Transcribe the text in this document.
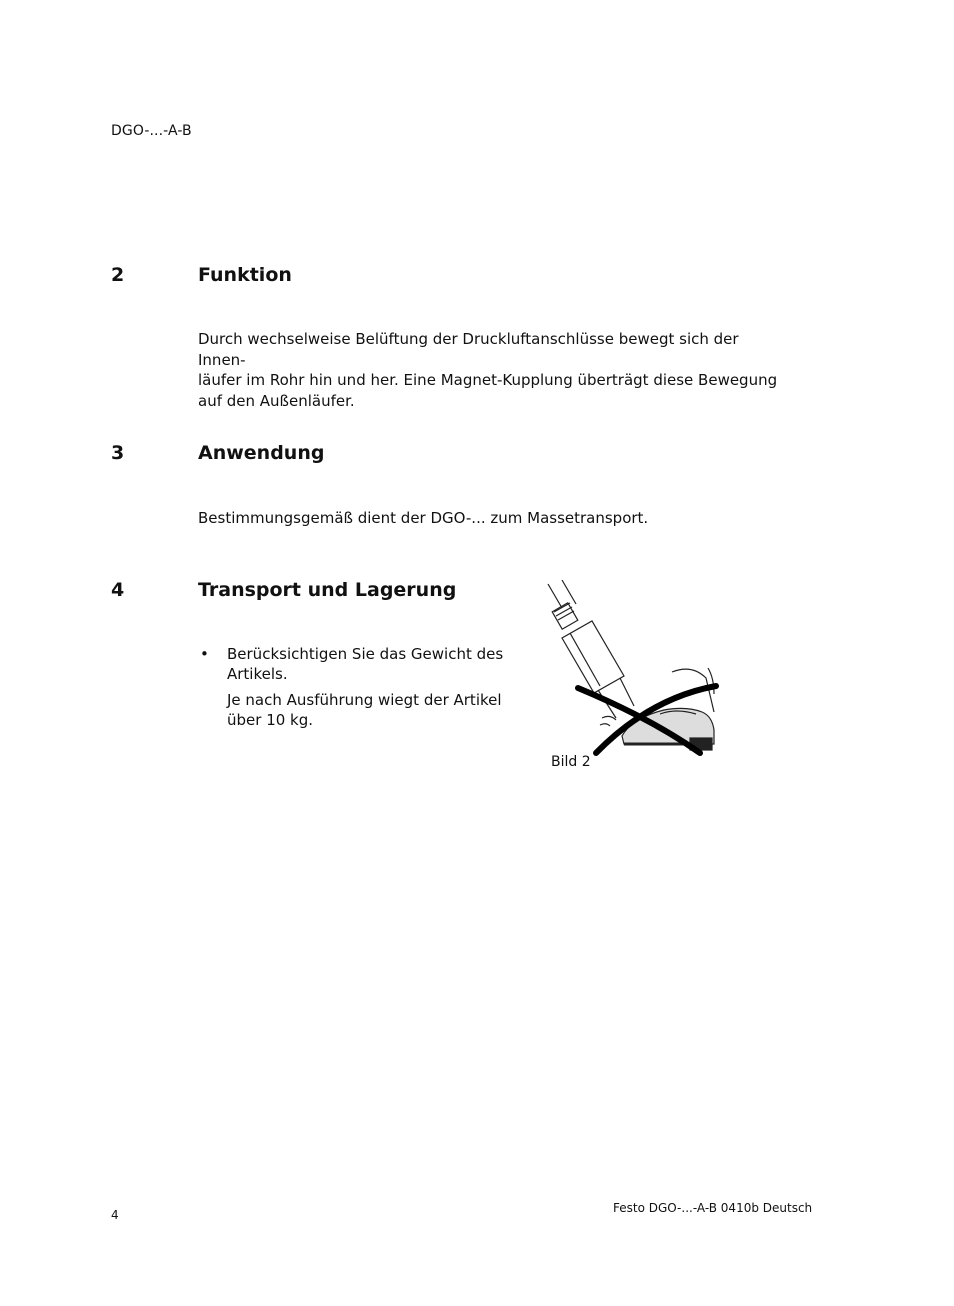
DGO-...-A-B
2	Funktion

Durch wechselweise Belüftung der Druckluftanschlüsse bewegt sich der Innen-

läufer im Rohr hin und her. Eine Magnet-Kupplung überträgt diese Bewegung

auf den Außenläufer.

3	Anwendung

Bestimmungsgemäß dient der DGO-... zum Massetransport.

4	Transport und Lagerung
• Berücksichtigen Sie das Gewicht des
Artikels.
Je nach Ausführung wiegt der Artikel
über 10 kg.
Bild 2
4	Festo DGO-...-A-B 0410b Deutsch
